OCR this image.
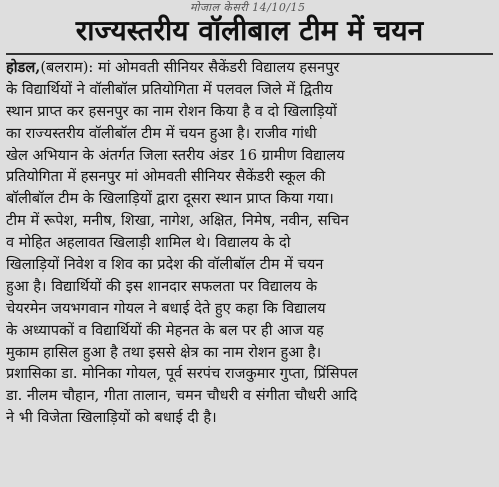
मोजाल केसरी 14/10/15
राज्यस्तरीय वॉलीबाल टीम में चयन
होडल,(बलराम): मां ओमवती सीनियर सैकेंडरी विद्यालय हसनपुर
के विद्यार्थियों ने वॉलीबॉल प्रतियोगिता में पलवल जिले में द्वितीय
स्थान प्राप्त कर हसनपुर का नाम रोशन किया है व दो खिलाड़ियों
का राज्यस्तरीय वॉलीबॉल टीम में चयन हुआ है। राजीव गांधी
खेल अभियान के अंतर्गत जिला स्तरीय अंडर 16 ग्रामीण विद्यालय
प्रतियोगिता में हसनपुर मां ओमवती सीनियर सैकेंडरी स्कूल की
बॉलीबॉल टीम के खिलाड़ियों द्वारा दूसरा स्थान प्राप्त किया गया।
टीम में रूपेश, मनीष, शिखा, नागेश, अक्षित, निमेष, नवीन, सचिन
व मोहित अहलावत खिलाड़ी शामिल थे। विद्यालय के दो
खिलाड़ियों निवेश व शिव का प्रदेश की वॉलीबॉल टीम में चयन
हुआ है। विद्यार्थियों की इस शानदार सफलता पर विद्यालय के
चेयरमेन जयभगवान गोयल ने बधाई देते हुए कहा कि विद्यालय
के अध्यापकों व विद्यार्थियों की मेहनत के बल पर ही आज यह
मुकाम हासिल हुआ है तथा इससे क्षेत्र का नाम रोशन हुआ है।
प्रशासिका डा. मोनिका गोयल, पूर्व सरपंच राजकुमार गुप्ता, प्रिंसिपल
डा. नीलम चौहान, गीता तालान, चमन चौधरी व संगीता चौधरी आदि
ने भी विजेता खिलाड़ियों को बधाई दी है।
